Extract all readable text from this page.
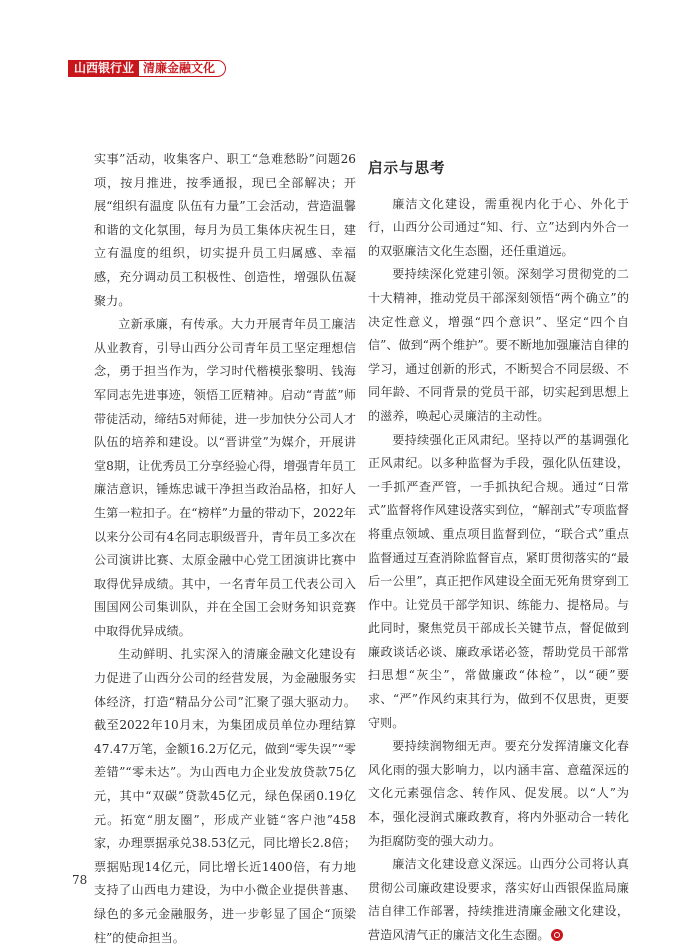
山西银行业 清廉金融文化

实事”活动，收集客户、职工“急难愁盼”问题26项，按月推进，按季通报，现已全部解决；开展“组织有温度 队伍有力量”工会活动，营造温馨和谐的文化氛围，每月为员工集体庆祝生日，建立有温度的组织，切实提升员工归属感、幸福感，充分调动员工积极性、创造性，增强队伍凝聚力。

立新承廉，有传承。大力开展青年员工廉洁从业教育，引导山西分公司青年员工坚定理想信念，勇于担当作为，学习时代楷模张黎明、钱海军同志先进事迹，领悟工匠精神。启动“青蓝”师带徒活动，缔结5对师徒，进一步加快分公司人才队伍的培养和建设。以“晋讲堂”为媒介，开展讲堂8期，让优秀员工分享经验心得，增强青年员工廉洁意识，锤炼忠诚干净担当政治品格，扣好人生第一粒扣子。在“榜样”力量的带动下，2022年以来分公司有4名同志职级晋升，青年员工多次在公司演讲比赛、太原金融中心党工团演讲比赛中取得优异成绩。其中，一名青年员工代表公司入围国网公司集训队，并在全国工会财务知识竞赛中取得优异成绩。

生动鲜明、扎实深入的清廉金融文化建设有力促进了山西分公司的经营发展，为金融服务实体经济，打造“精品分公司”汇聚了强大驱动力。截至2022年10月末，为集团成员单位办理结算47.47万笔，金额16.2万亿元，做到“零失误”“零差错”“零未达”。为山西电力企业发放贷款75亿元，其中“双碳”贷款45亿元，绿色保函0.19亿元。拓宽“朋友圈”，形成产业链“客户池”458家，办理票据承兑38.53亿元，同比增长2.8倍；票据贴现14亿元，同比增长近1400倍，有力地支持了山西电力建设，为中小微企业提供普惠、绿色的多元金融服务，进一步彰显了国企“顶梁柱”的使命担当。

启示与思考

廉洁文化建设，需重视内化于心、外化于行，山西分公司通过“知、行、立”达到内外合一的双驱廉洁文化生态圈，还任重道远。

要持续深化党建引领。深刻学习贯彻党的二十大精神，推动党员干部深刻领悟“两个确立”的决定性意义，增强“四个意识”、坚定“四个自信”、做到“两个维护”。要不断地加强廉洁自律的学习，通过创新的形式，不断契合不同层级、不同年龄、不同背景的党员干部，切实起到思想上的滋养，唤起心灵廉洁的主动性。

要持续强化正风肃纪。坚持以严的基调强化正风肃纪。以多种监督为手段，强化队伍建设，一手抓严查严管，一手抓执纪合规。通过“日常式”监督将作风建设落实到位，“解剖式”专项监督将重点领域、重点项目监督到位，“联合式”重点监督通过互查消除监督盲点，紧盯贯彻落实的“最后一公里”，真正把作风建设全面无死角贯穿到工作中。让党员干部学知识、练能力、提格局。与此同时，聚焦党员干部成长关键节点，督促做到廉政谈话必谈、廉政承诺必签，帮助党员干部常扫思想“灰尘”，常做廉政“体检”，以“硬”要求、“严”作风约束其行为，做到不仅思贵，更要守则。

要持续润物细无声。要充分发挥清廉文化春风化雨的强大影响力，以内涵丰富、意蕴深远的文化元素强信念、转作风、促发展。以“人”为本，强化浸润式廉政教育，将内外驱动合一转化为拒腐防变的强大动力。

廉洁文化建设意义深远。山西分公司将认真贯彻公司廉政建设要求，落实好山西银保监局廉洁自律工作部署，持续推进清廉金融文化建设，营造风清气正的廉洁文化生态圈。

78
